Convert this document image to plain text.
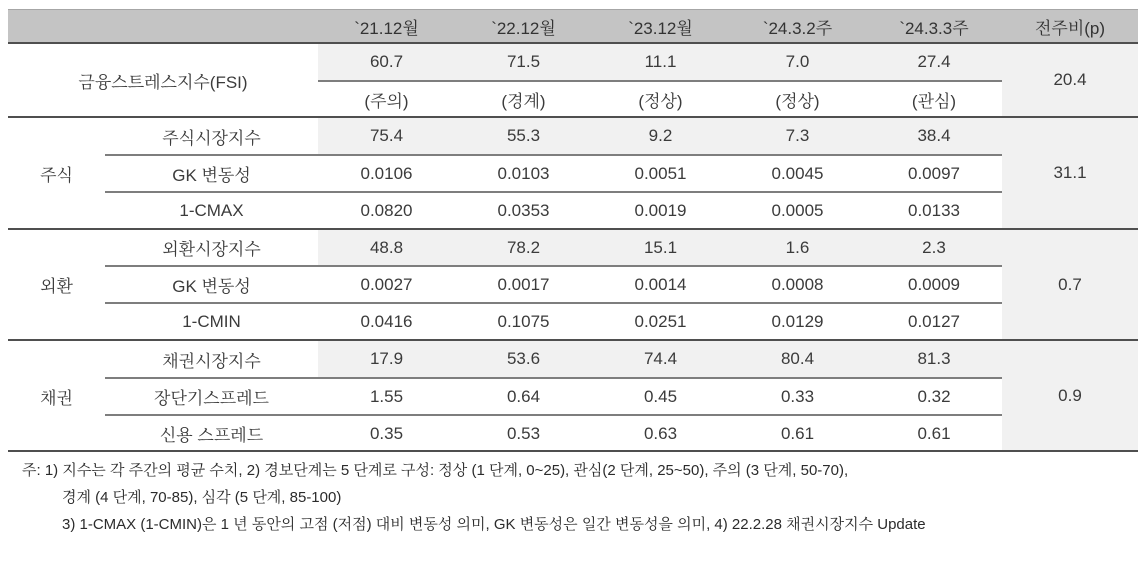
`21.12월	`22.12월	`23.12월	`24.3.2주	`24.3.3주	전주비(p)
금융스트레스지수(FSI)
60.7	71.5	11.1	7.0	27.4
(주의)	(경계)	(정상)	(정상)	(관심)
20.4
주식
주식시장지수	75.4	55.3	9.2	7.3	38.4
GK 변동성	0.0106	0.0103	0.0051	0.0045	0.0097
1-CMAX	0.0820	0.0353	0.0019	0.0005	0.0133
31.1
외환
외환시장지수	48.8	78.2	15.1	1.6	2.3
GK 변동성	0.0027	0.0017	0.0014	0.0008	0.0009
1-CMIN	0.0416	0.1075	0.0251	0.0129	0.0127
0.7
채권
채권시장지수	17.9	53.6	74.4	80.4	81.3
장단기스프레드	1.55	0.64	0.45	0.33	0.32
신용 스프레드	0.35	0.53	0.63	0.61	0.61
0.9
주: 1) 지수는 각 주간의 평균 수치, 2) 경보단계는 5 단계로 구성: 정상 (1 단계, 0~25), 관심(2 단계, 25~50), 주의 (3 단계, 50-70),
경계 (4 단계, 70-85), 심각 (5 단계, 85-100)
3) 1-CMAX (1-CMIN)은 1 년 동안의 고점 (저점) 대비 변동성 의미, GK 변동성은 일간 변동성을 의미, 4) 22.2.28 채권시장지수 Update
